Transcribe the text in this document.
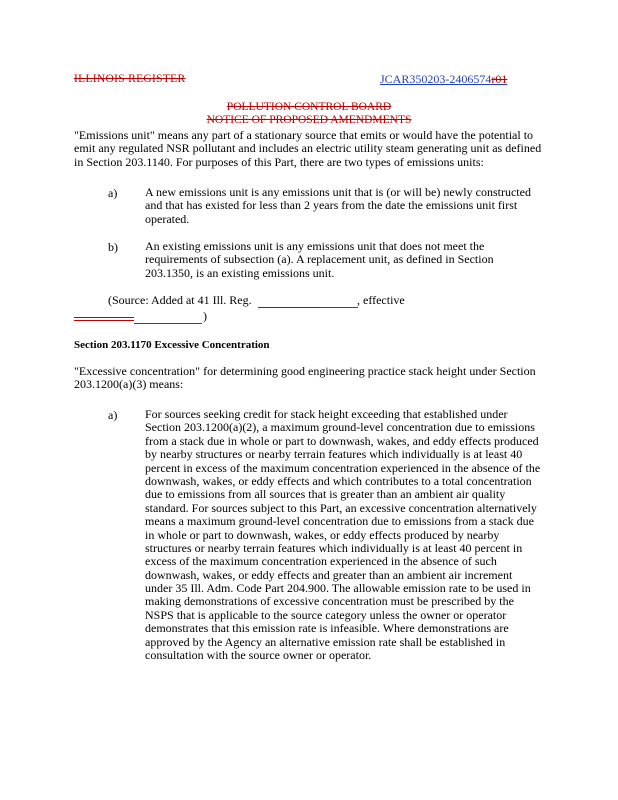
ILLINOIS REGISTER	JCAR350203-2406574r01
POLLUTION CONTROL BOARD
NOTICE OF PROPOSED AMENDMENTS
"Emissions unit" means any part of a stationary source that emits or would have the potential to
emit any regulated NSR pollutant and includes an electric utility steam generating unit as defined
in Section 203.1140. For purposes of this Part, there are two types of emissions units:
a) A new emissions unit is any emissions unit that is (or will be) newly constructed
and that has existed for less than 2 years from the date the emissions unit first
operated.
b) An existing emissions unit is any emissions unit that does not meet the
requirements of subsection (a). A replacement unit, as defined in Section
203.1350, is an existing emissions unit.
(Source: Added at 41 Ill. Reg.	, effective
)
Section 203.1170 Excessive Concentration
"Excessive concentration" for determining good engineering practice stack height under Section
203.1200(a)(3) means:
a) For sources seeking credit for stack height exceeding that established under
Section 203.1200(a)(2), a maximum ground-level concentration due to emissions
from a stack due in whole or part to downwash, wakes, and eddy effects produced
by nearby structures or nearby terrain features which individually is at least 40
percent in excess of the maximum concentration experienced in the absence of the
downwash, wakes, or eddy effects and which contributes to a total concentration
due to emissions from all sources that is greater than an ambient air quality
standard. For sources subject to this Part, an excessive concentration alternatively
means a maximum ground-level concentration due to emissions from a stack due
in whole or part to downwash, wakes, or eddy effects produced by nearby
structures or nearby terrain features which individually is at least 40 percent in
excess of the maximum concentration experienced in the absence of such
downwash, wakes, or eddy effects and greater than an ambient air increment
under 35 Ill. Adm. Code Part 204.900. The allowable emission rate to be used in
making demonstrations of excessive concentration must be prescribed by the
NSPS that is applicable to the source category unless the owner or operator
demonstrates that this emission rate is infeasible. Where demonstrations are
approved by the Agency an alternative emission rate shall be established in
consultation with the source owner or operator.
